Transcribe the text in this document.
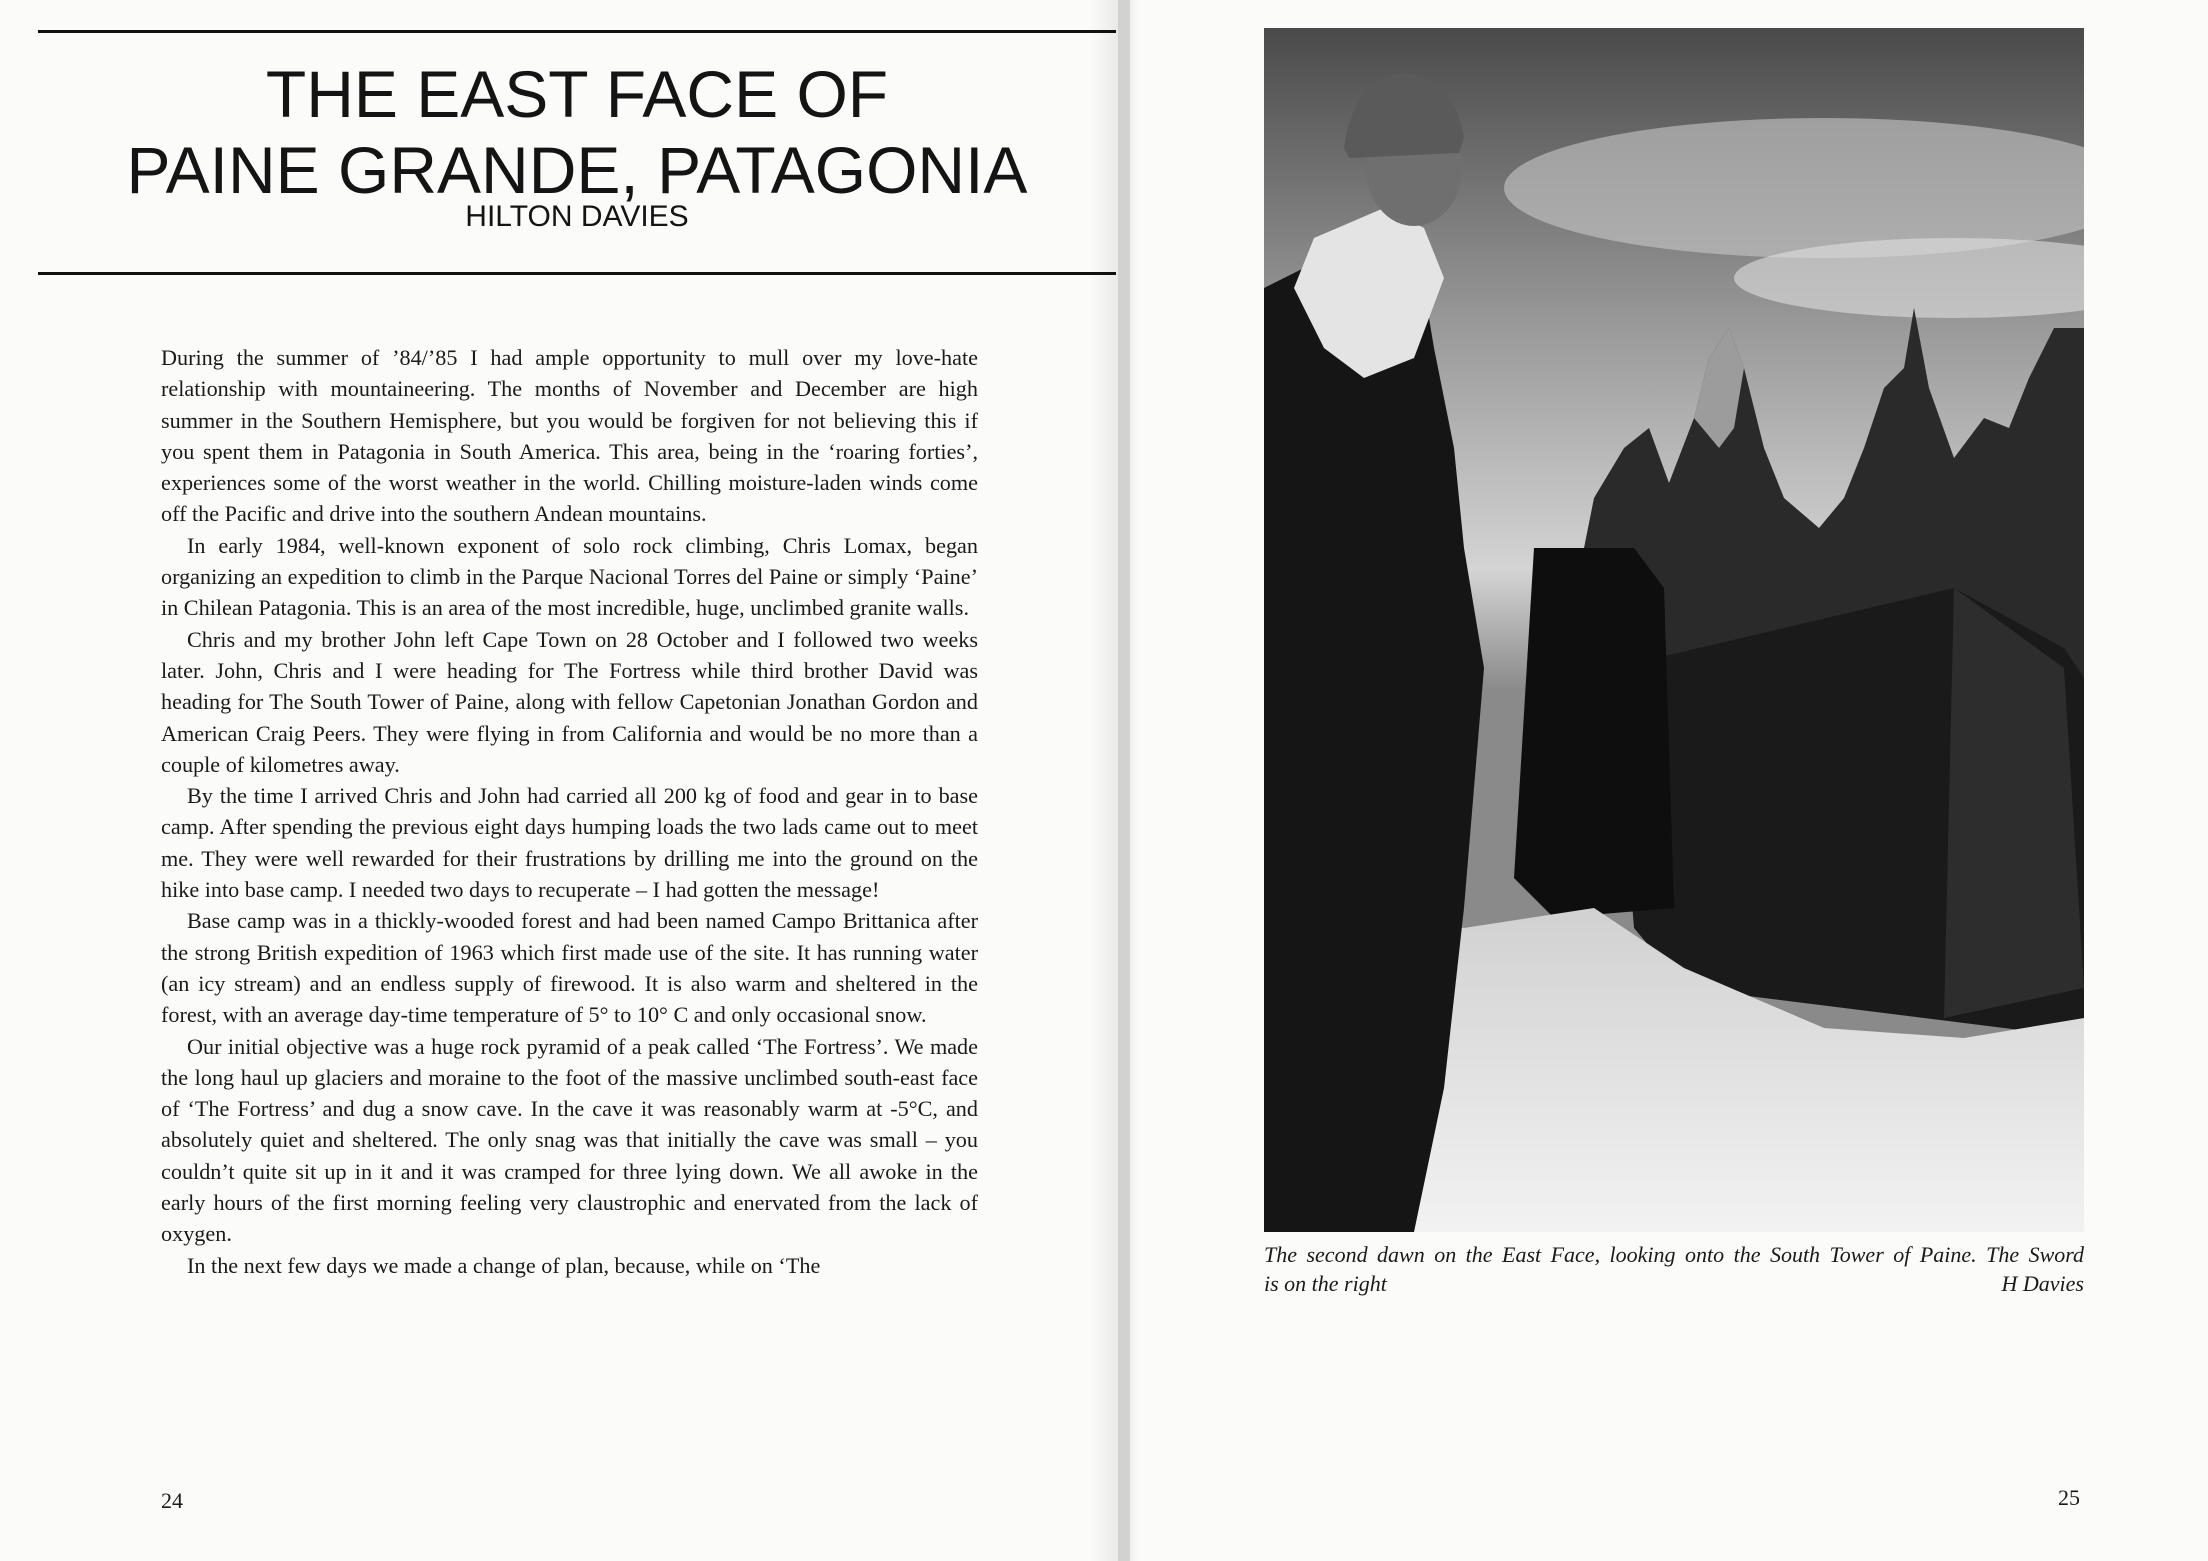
THE EAST FACE OF
PAINE GRANDE, PATAGONIA
HILTON DAVIES

During the summer of ’84/’85 I had ample opportunity to mull over my love-hate relationship with mountaineering. The months of November and December are high summer in the Southern Hemisphere, but you would be forgiven for not believing this if you spent them in Patagonia in South America. This area, being in the ‘roaring forties’, experiences some of the worst weather in the world. Chilling moisture-laden winds come off the Pacific and drive into the southern Andean mountains.

In early 1984, well-known exponent of solo rock climbing, Chris Lomax, began organizing an expedition to climb in the Parque Nacional Torres del Paine or simply ‘Paine’ in Chilean Patagonia. This is an area of the most incredible, huge, unclimbed granite walls.

Chris and my brother John left Cape Town on 28 October and I followed two weeks later. John, Chris and I were heading for The Fortress while third brother David was heading for The South Tower of Paine, along with fellow Capetonian Jonathan Gordon and American Craig Peers. They were flying in from California and would be no more than a couple of kilometres away.

By the time I arrived Chris and John had carried all 200 kg of food and gear in to base camp. After spending the previous eight days humping loads the two lads came out to meet me. They were well rewarded for their frustrations by drilling me into the ground on the hike into base camp. I needed two days to recuperate – I had gotten the message!

Base camp was in a thickly-wooded forest and had been named Campo Brittanica after the strong British expedition of 1963 which first made use of the site. It has running water (an icy stream) and an endless supply of firewood. It is also warm and sheltered in the forest, with an average day-time temperature of 5° to 10° C and only occasional snow.

Our initial objective was a huge rock pyramid of a peak called ‘The Fortress’. We made the long haul up glaciers and moraine to the foot of the massive unclimbed south-east face of ‘The Fortress’ and dug a snow cave. In the cave it was reasonably warm at -5°C, and absolutely quiet and sheltered. The only snag was that initially the cave was small – you couldn’t quite sit up in it and it was cramped for three lying down. We all awoke in the early hours of the first morning feeling very claustrophic and enervated from the lack of oxygen.

In the next few days we made a change of plan, because, while on ‘The

24
The second dawn on the East Face, looking onto the South Tower of Paine. The Sword
is on the right	H Davies
25
